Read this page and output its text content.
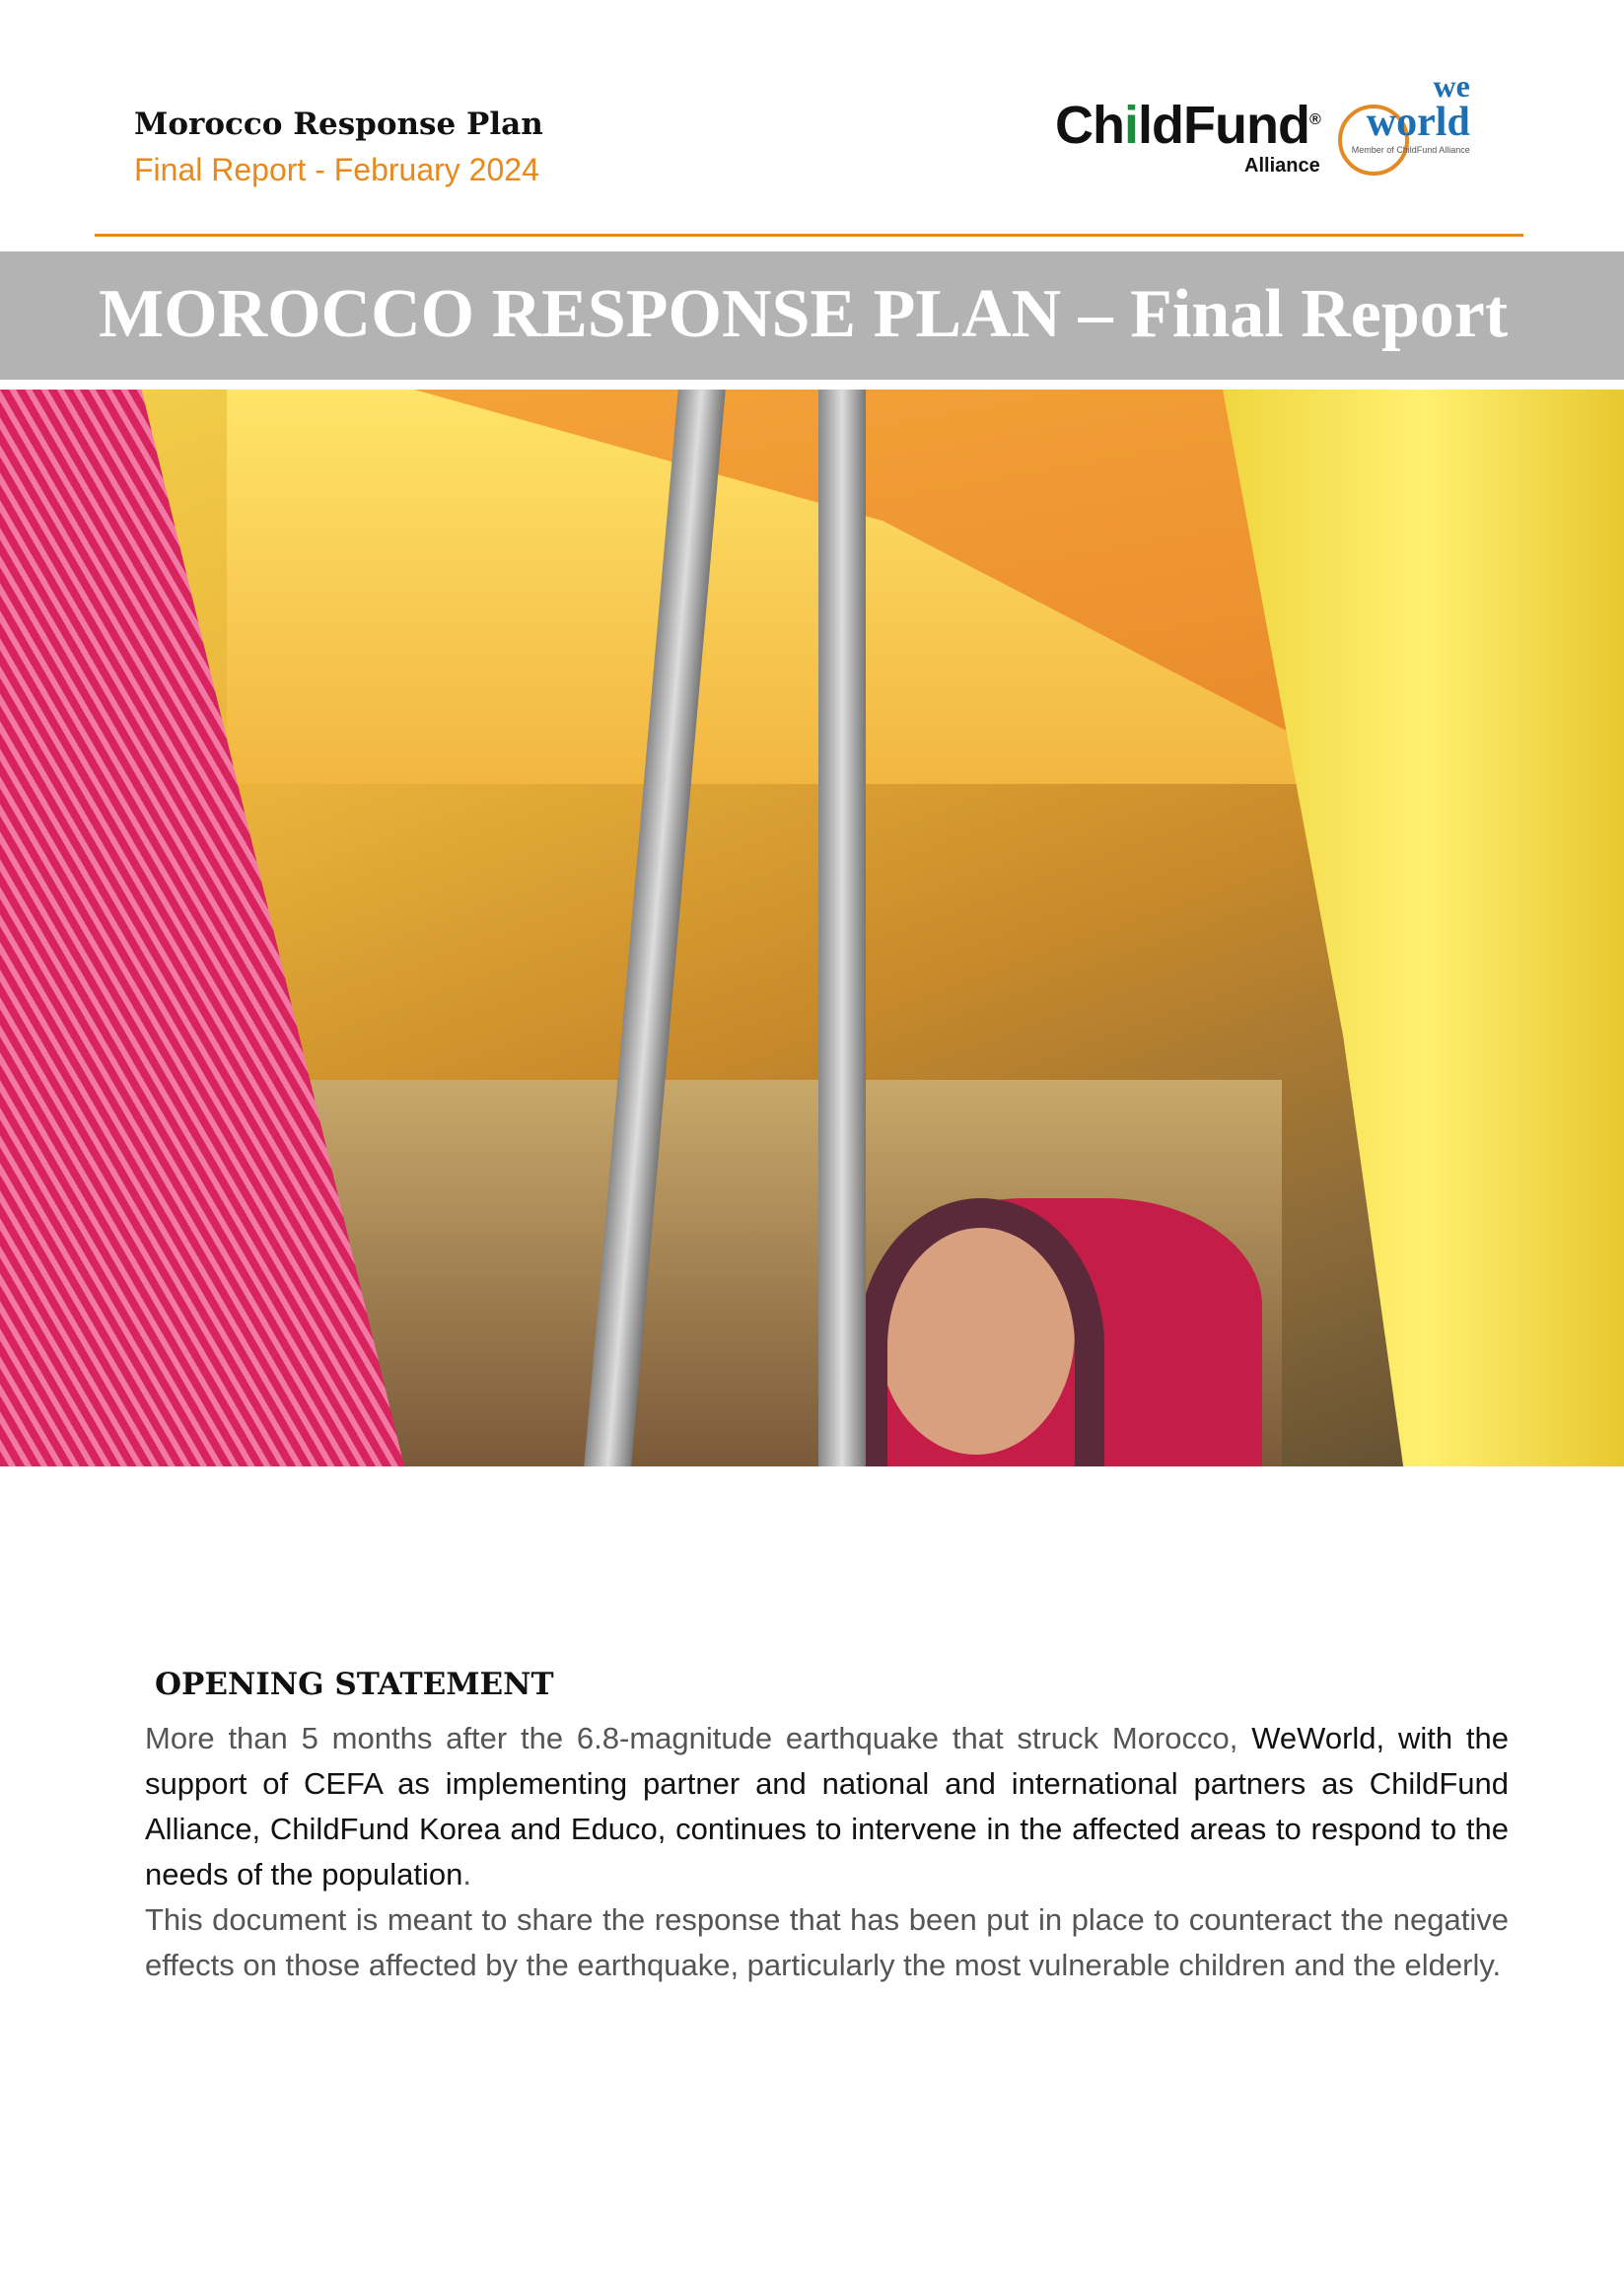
Morocco Response Plan
Final Report - February 2024
ChildFund®
Alliance
we
world
Member of ChildFund Alliance
MOROCCO RESPONSE PLAN – Final Report
OPENING STATEMENT

More than 5 months after the 6.8-magnitude earthquake that struck Morocco, WeWorld, with the support of CEFA as implementing partner and national and international partners as ChildFund Alliance, ChildFund Korea and Educo, continues to intervene in the affected areas to respond to the needs of the population.

This document is meant to share the response that has been put in place to counteract the negative effects on those affected by the earthquake, particularly the most vulnerable children and the elderly.
